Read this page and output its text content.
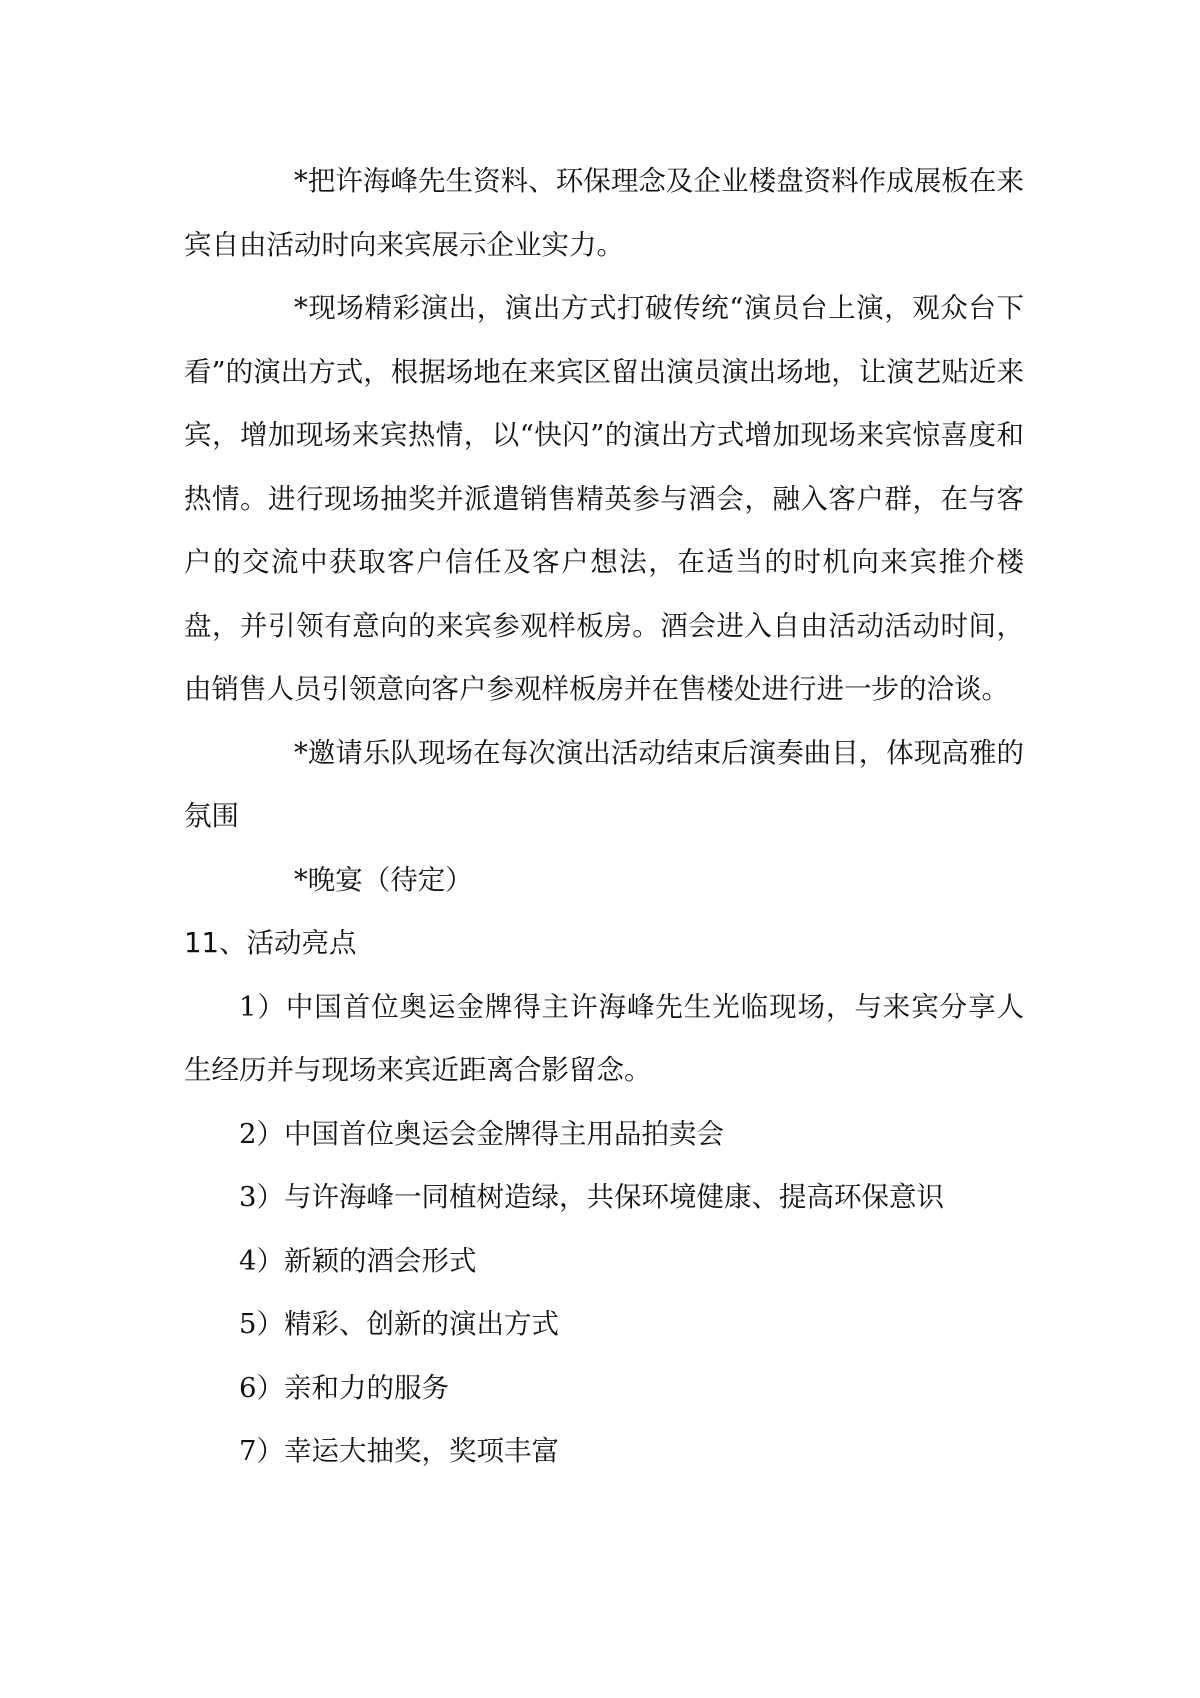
*把许海峰先生资料、环保理念及企业楼盘资料作成展板在来宾自由活动时向来宾展示企业实力。

*现场精彩演出，演出方式打破传统“演员台上演，观众台下看”的演出方式，根据场地在来宾区留出演员演出场地，让演艺贴近来宾，增加现场来宾热情，以“快闪”的演出方式增加现场来宾惊喜度和热情。进行现场抽奖并派遣销售精英参与酒会，融入客户群，在与客户的交流中获取客户信任及客户想法，在适当的时机向来宾推介楼盘，并引领有意向的来宾参观样板房。酒会进入自由活动活动时间，由销售人员引领意向客户参观样板房并在售楼处进行进一步的洽谈。

*邀请乐队现场在每次演出活动结束后演奏曲目，体现高雅的氛围

*晚宴（待定）

11、活动亮点

1）中国首位奥运金牌得主许海峰先生光临现场，与来宾分享人生经历并与现场来宾近距离合影留念。

2）中国首位奥运会金牌得主用品拍卖会

3）与许海峰一同植树造绿，共保环境健康、提高环保意识

4）新颖的酒会形式

5）精彩、创新的演出方式

6）亲和力的服务

7）幸运大抽奖，奖项丰富
